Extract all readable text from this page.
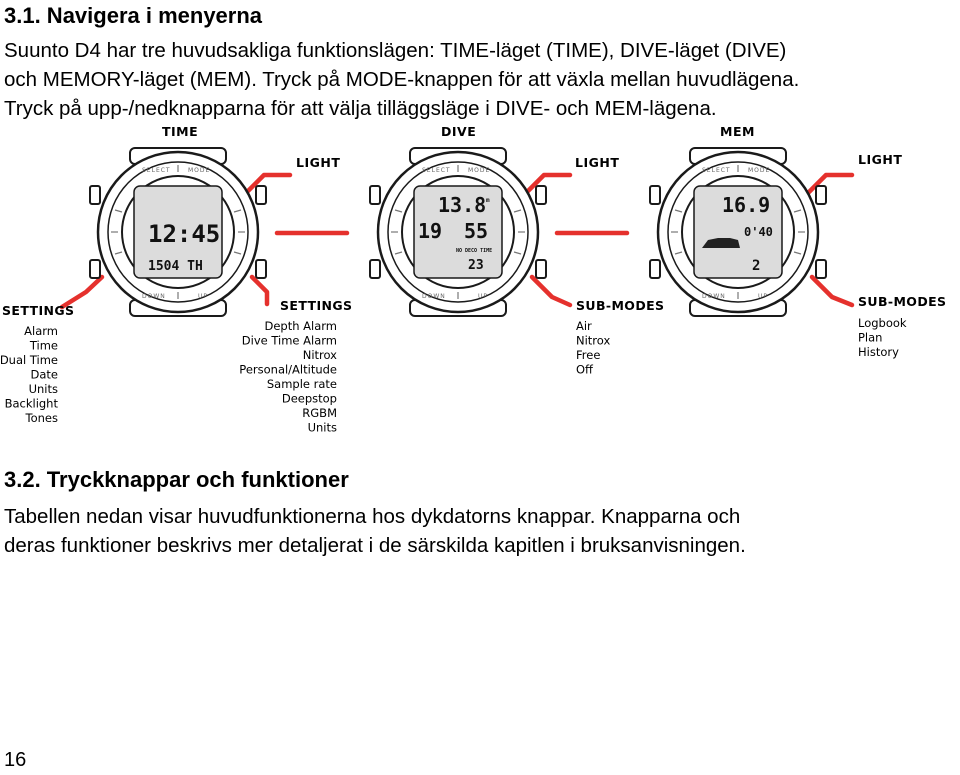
3.1. Navigera i menyerna

Suunto D4 har tre huvudsakliga funktionslägen: TIME-läget (TIME), DIVE-läget (DIVE)

och MEMORY-läget (MEM). Tryck på MODE-knappen för att växla mellan huvudlägena.

Tryck på upp-/nedknapparna för att välja tilläggsläge i DIVE- och MEM-lägena.

TIME	DIVE	MEM
LIGHT	LIGHT	LIGHT
SELECT	MODE
DOWN	UP
12:45
1504 TH
SELECT	MODE
DOWN	UP
13.8 m
19 55
NO DECO TIME
23
SELECT	MODE
DOWN	UP
16.9
0'40
2
SETTINGS
Alarm
Time
Dual Time
Date
Units
Backlight
Tones
SETTINGS
Depth Alarm
Dive Time Alarm
Nitrox
Personal/Altitude
Sample rate
Deepstop
RGBM
Units
SUB-MODES
Air
Nitrox
Free
Off
SUB-MODES
Logbook
Plan
History
3.2. Tryckknappar och funktioner

Tabellen nedan visar huvudfunktionerna hos dykdatorns knappar. Knapparna och

deras funktioner beskrivs mer detaljerat i de särskilda kapitlen i bruksanvisningen.

16
